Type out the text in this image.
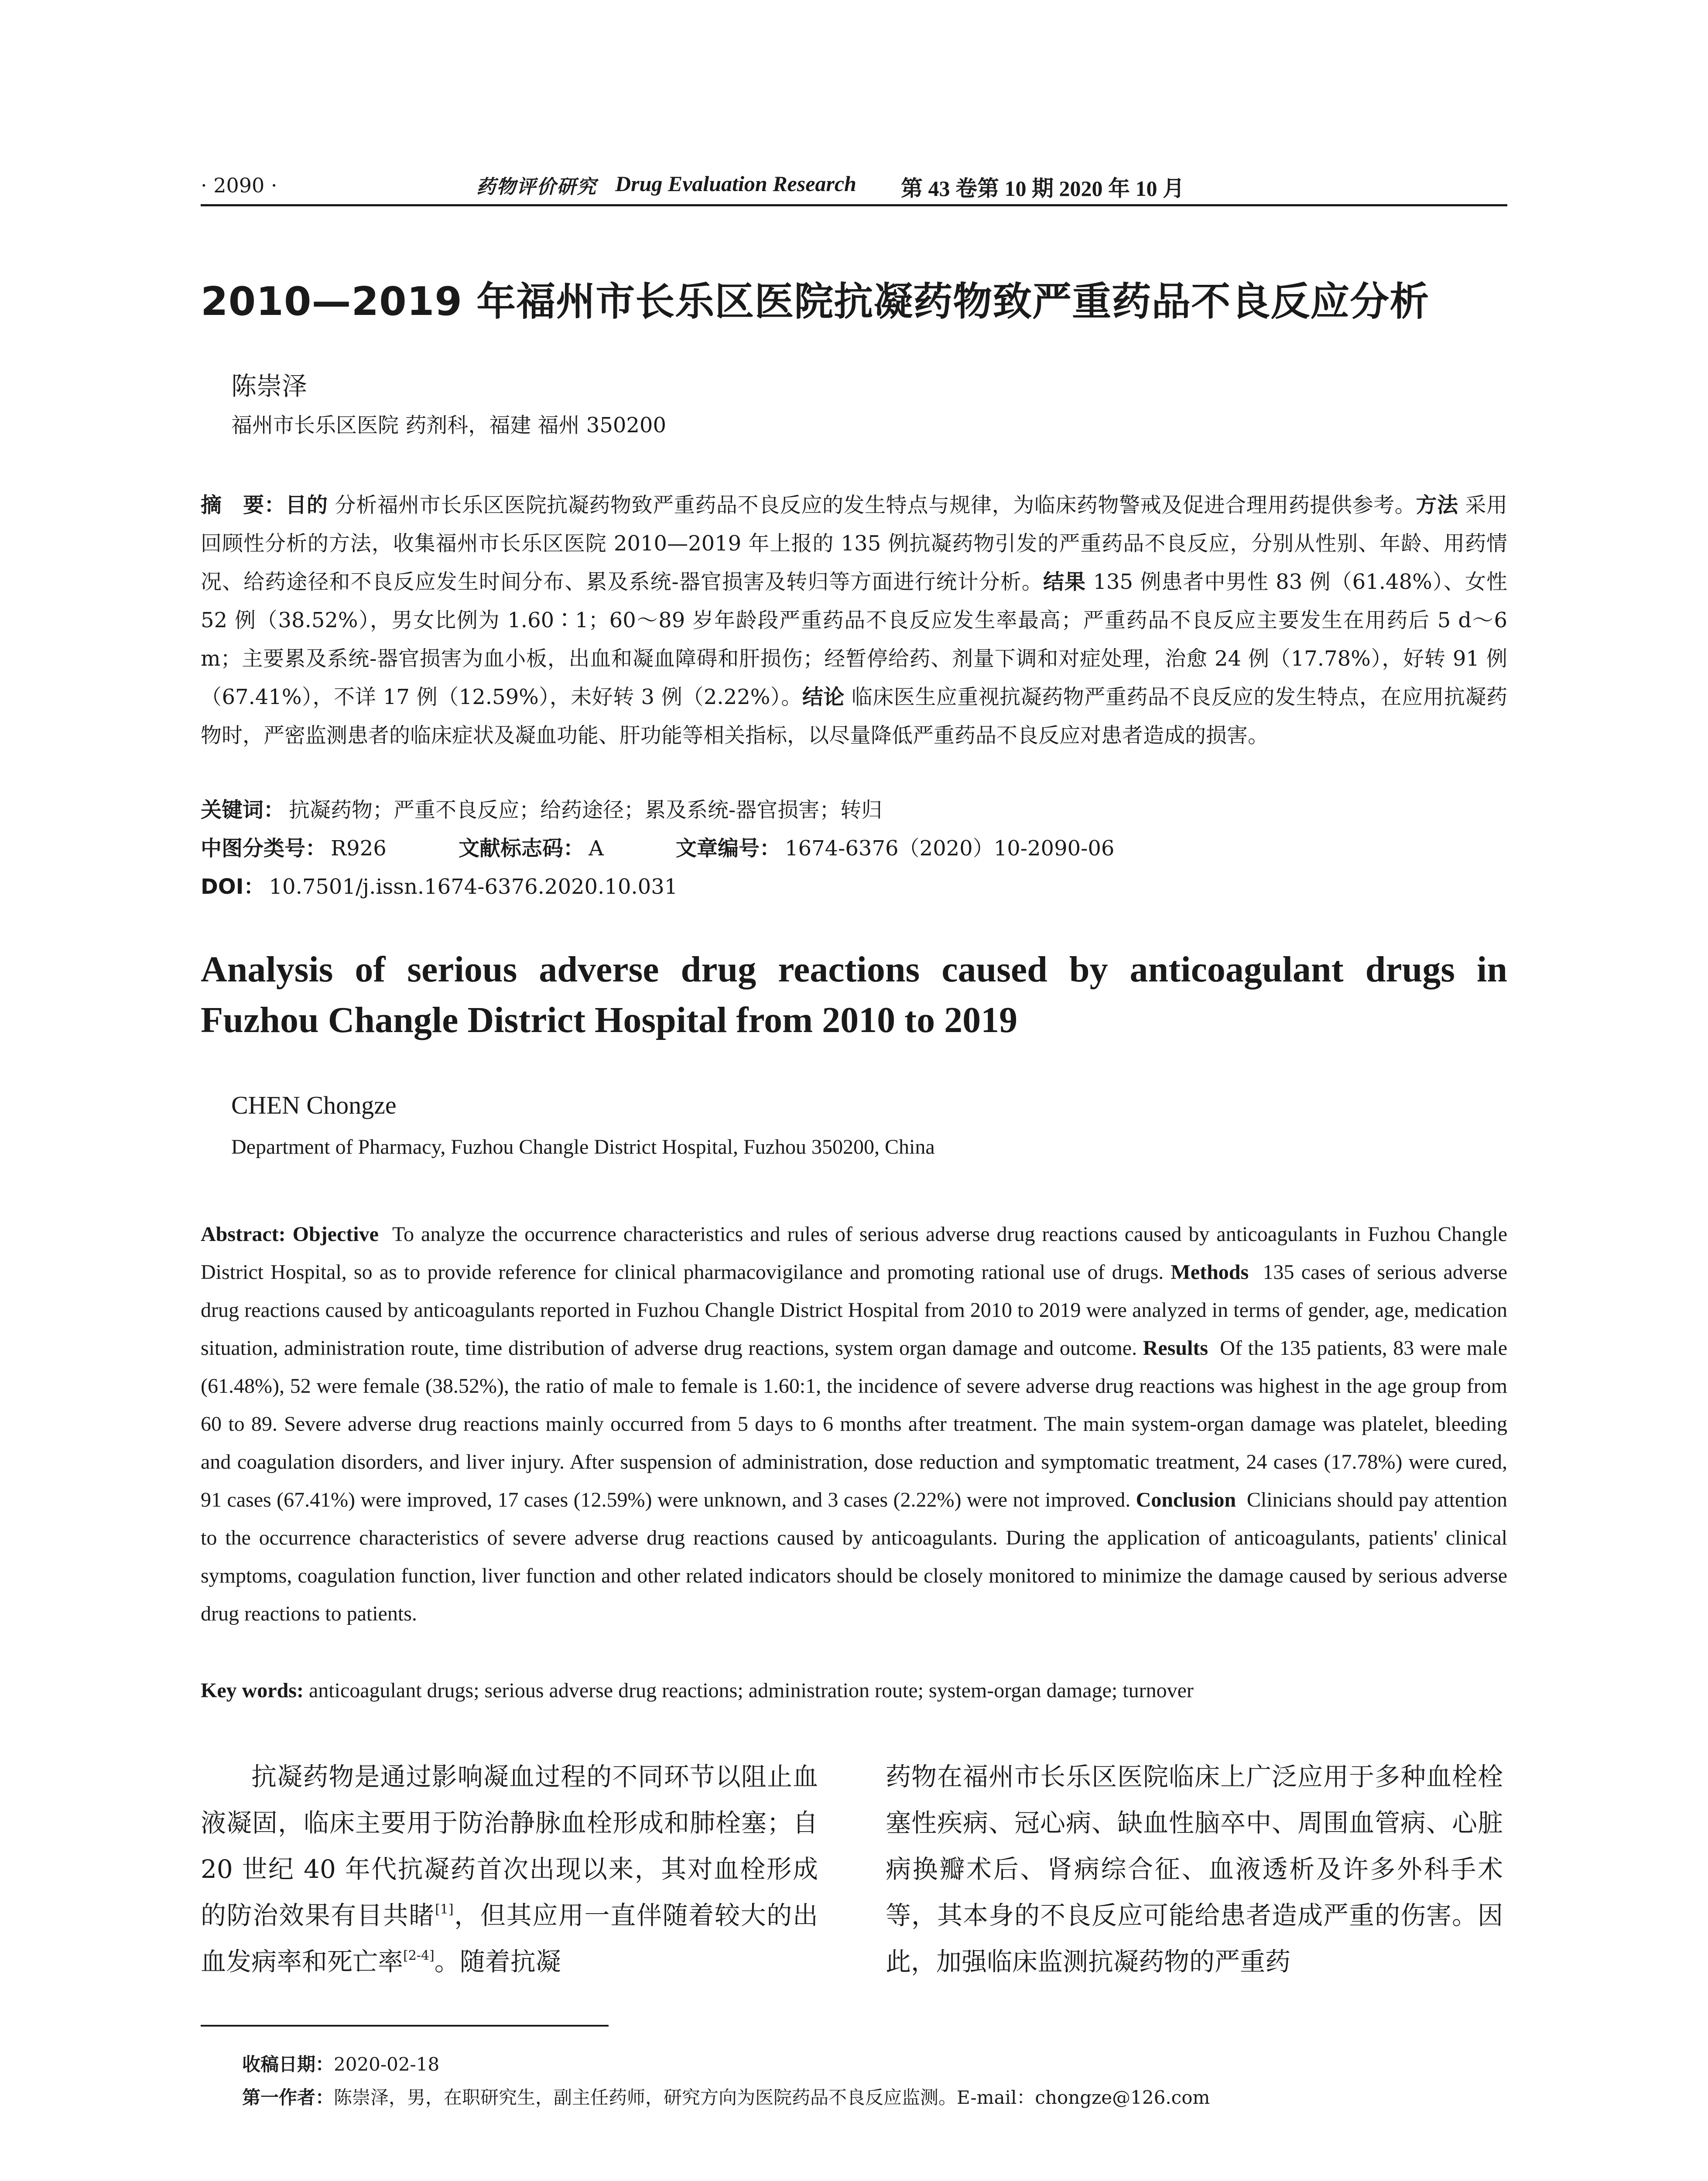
· 2090 ·	药物评价研究 Drug Evaluation Research 第 43 卷第 10 期 2020 年 10 月
2010—2019 年福州市长乐区医院抗凝药物致严重药品不良反应分析
陈崇泽
福州市长乐区医院 药剂科，福建 福州 350200
摘　要：目的 分析福州市长乐区医院抗凝药物致严重药品不良反应的发生特点与规律，为临床药物警戒及促进合理用药提供参考。方法 采用回顾性分析的方法，收集福州市长乐区医院 2010—2019 年上报的 135 例抗凝药物引发的严重药品不良反应，分别从性别、年龄、用药情况、给药途径和不良反应发生时间分布、累及系统-器官损害及转归等方面进行统计分析。结果 135 例患者中男性 83 例（61.48%）、女性 52 例（38.52%），男女比例为 1.60∶1；60～89 岁年龄段严重药品不良反应发生率最高；严重药品不良反应主要发生在用药后 5 d～6 m；主要累及系统-器官损害为血小板，出血和凝血障碍和肝损伤；经暂停给药、剂量下调和对症处理，治愈 24 例（17.78%），好转 91 例（67.41%），不详 17 例（12.59%），未好转 3 例（2.22%）。结论 临床医生应重视抗凝药物严重药品不良反应的发生特点，在应用抗凝药物时，严密监测患者的临床症状及凝血功能、肝功能等相关指标，以尽量降低严重药品不良反应对患者造成的损害。
关键词： 抗凝药物；严重不良反应；给药途径；累及系统-器官损害；转归
中图分类号： R926	文献标志码： A	文章编号： 1674-6376（2020）10-2090-06
DOI： 10.7501/j.issn.1674-6376.2020.10.031
Analysis of serious adverse drug reactions caused by anticoagulant drugs in Fuzhou Changle District Hospital from 2010 to 2019
CHEN Chongze
Department of Pharmacy, Fuzhou Changle District Hospital, Fuzhou 350200, China
Abstract: Objective To analyze the occurrence characteristics and rules of serious adverse drug reactions caused by anticoagulants in Fuzhou Changle District Hospital, so as to provide reference for clinical pharmacovigilance and promoting rational use of drugs. Methods 135 cases of serious adverse drug reactions caused by anticoagulants reported in Fuzhou Changle District Hospital from 2010 to 2019 were analyzed in terms of gender, age, medication situation, administration route, time distribution of adverse drug reactions, system organ damage and outcome. Results Of the 135 patients, 83 were male (61.48%), 52 were female (38.52%), the ratio of male to female is 1.60:1, the incidence of severe adverse drug reactions was highest in the age group from 60 to 89. Severe adverse drug reactions mainly occurred from 5 days to 6 months after treatment. The main system-organ damage was platelet, bleeding and coagulation disorders, and liver injury. After suspension of administration, dose reduction and symptomatic treatment, 24 cases (17.78%) were cured, 91 cases (67.41%) were improved, 17 cases (12.59%) were unknown, and 3 cases (2.22%) were not improved. Conclusion Clinicians should pay attention to the occurrence characteristics of severe adverse drug reactions caused by anticoagulants. During the application of anticoagulants, patients' clinical symptoms, coagulation function, liver function and other related indicators should be closely monitored to minimize the damage caused by serious adverse drug reactions to patients.
Key words: anticoagulant drugs; serious adverse drug reactions; administration route; system-organ damage; turnover
抗凝药物是通过影响凝血过程的不同环节以阻止血液凝固，临床主要用于防治静脉血栓形成和肺栓塞；自 20 世纪 40 年代抗凝药首次出现以来，其对血栓形成的防治效果有目共睹[1]，但其应用一直伴随着较大的出血发病率和死亡率[2-4]。随着抗凝
药物在福州市长乐区医院临床上广泛应用于多种血栓栓塞性疾病、冠心病、缺血性脑卒中、周围血管病、心脏病换瓣术后、肾病综合征、血液透析及许多外科手术等，其本身的不良反应可能给患者造成严重的伤害。因此，加强临床监测抗凝药物的严重药
收稿日期：2020-02-18
第一作者：陈崇泽，男，在职研究生，副主任药师，研究方向为医院药品不良反应监测。E-mail：chongze@126.com
